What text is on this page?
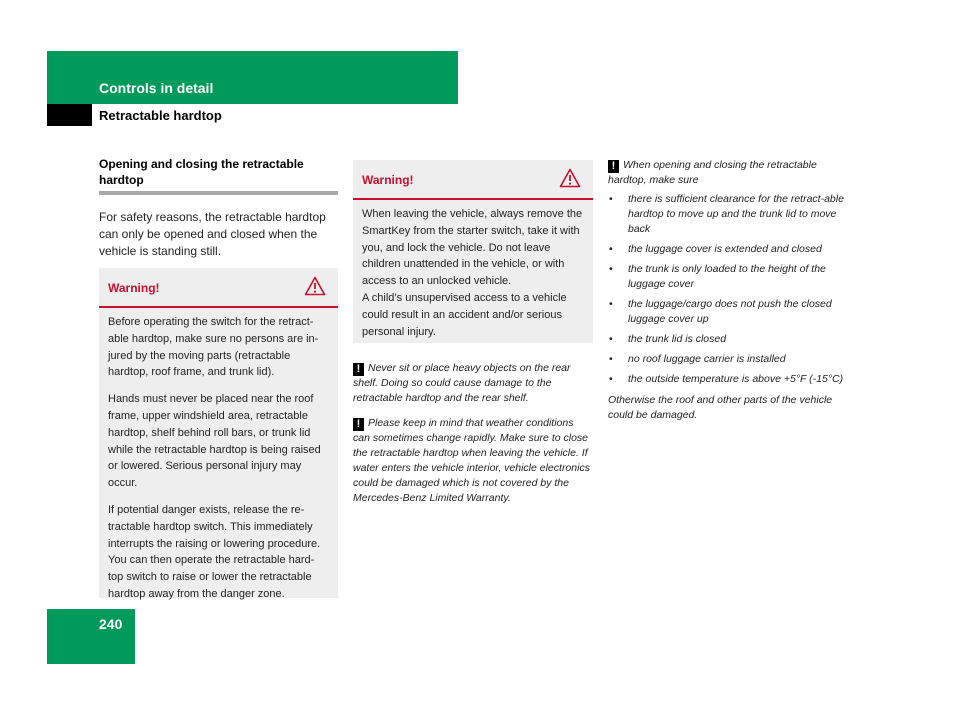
Controls in detail
Retractable hardtop
Opening and closing the retractable hardtop
For safety reasons, the retractable hardtop can only be opened and closed when the vehicle is standing still.
Warning!

Before operating the switch for the retract-able hardtop, make sure no persons are in-jured by the moving parts (retractable hardtop, roof frame, and trunk lid).

Hands must never be placed near the roof frame, upper windshield area, retractable hardtop, shelf behind roll bars, or trunk lid while the retractable hardtop is being raised or lowered. Serious personal injury may occur.

If potential danger exists, release the re-tractable hardtop switch. This immediately interrupts the raising or lowering procedure. You can then operate the retractable hard-top switch to raise or lower the retractable hardtop away from the danger zone.

Warning!

When leaving the vehicle, always remove the SmartKey from the starter switch, take it with you, and lock the vehicle. Do not leave children unattended in the vehicle, or with access to an unlocked vehicle.

A child’s unsupervised access to a vehicle could result in an accident and/or serious personal injury.

! Never sit or place heavy objects on the rear shelf. Doing so could cause damage to the retractable hardtop and the rear shelf.
! Please keep in mind that weather conditions can sometimes change rapidly. Make sure to close the retractable hardtop when leaving the vehicle. If water enters the vehicle interior, vehicle electronics could be damaged which is not covered by the Mercedes-Benz Limited Warranty.
! When opening and closing the retractable hardtop, make sure
• there is sufficient clearance for the retract-able hardtop to move up and the trunk lid to move back
• the luggage cover is extended and closed
• the trunk is only loaded to the height of the luggage cover
• the luggage/cargo does not push the closed luggage cover up
• the trunk lid is closed
• no roof luggage carrier is installed
• the outside temperature is above +5°F (-15°C)
Otherwise the roof and other parts of the vehicle could be damaged.
240
